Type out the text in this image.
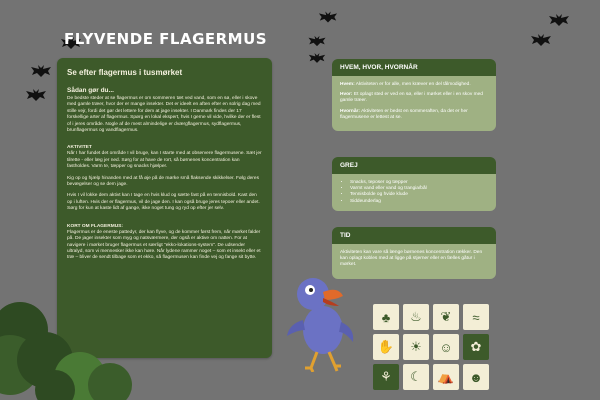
FLYVENDE FLAGERMUS
Se efter flagermus i tusmørket
Sådan gør du...

De bedste steder at se flagermus er om sommeren tæt ved vand, som en sø, eller i skove med gamle træer, hvor der er mange insekter. Det er ideelt en aften efter en solrig dag med stille vejr, fordi det gør det lettere for dem at jage insekter. I Danmark findes der 17 forskellige arter af flagermus. Spørg en lokal ekspert, hvis I gerne vil vide, hvilke der er flest of i jeres område. Nogle af de mest almindelige er dværgflagermus, sydflagermus, brunflagermus og vandflagermus.

AKTIVITET

Når I har fundet det område I vil bruge, kan I starte med at observere flagermusene. Sæt jer tilrette - eller læg jer ned. Sørg for at have de rort, så børnenes koncentration kan fastholdes. Varm te, tæpper og snacks hjælper.

Kig op og hjælp hinanden med at få øje på de mørke små flaksende skikkelser. Følg deres bevægelser og se dem jage.

Hvis I vil lokke dem aktivt kan I tage en hvis klud og sætte fast på en tennisbold. Kast den op i luften. Hvis der er flagermus, vil de jage den. I kan også bruge jeres tepoer eller andet. Sørg for kun at kaste lidt af gange, ikke noget tung og ryd op efter jer selv.

KORT OM FLAGERMUS:

Flagermus er de eneste pattedyr, der kan flyve, og de kommer først frem, når mørket falder på. De jager insekter som myg og natsværmere, der også er aktive om natten. For at navigere i mørket bruger flagermus et særligt "ekko-lokations-system". De udsender ultralyd, som vi mennesker ikke kan høre. Når lydene rammer noget – som et insekt eller et træ – bliver de sendt tilbage som et ekko, så flagermusen kan finde vej og fange sit bytte.

HVEM, HVOR, HVORNÅR

Hvem: Aktiviteten er for alle, men kræver en del tålmodighed.

Hvor: Et oplagt sted er ved en sø, eller i mørket eller i en skov med gamle træer.

Hvornår: Aktiviteten er bedst en sommeraften, da det er her flagermusene er lettest at se.

GREJ
• Snacks, teposer og tæpper
• Varmt vand eller vand og trangia/bål
• Tennisbolde og hvide klude
• Siddeunderlag
TID

Aktiviteten kan vare så længe børnenes koncentration rækker. Den kan oplagt kobles med at ligge på stjerner eller en fælles gåtur i mørket.

♣	♨	❦	≈
✋	☀	☺	✿
⚘	☾	⛺	☻
